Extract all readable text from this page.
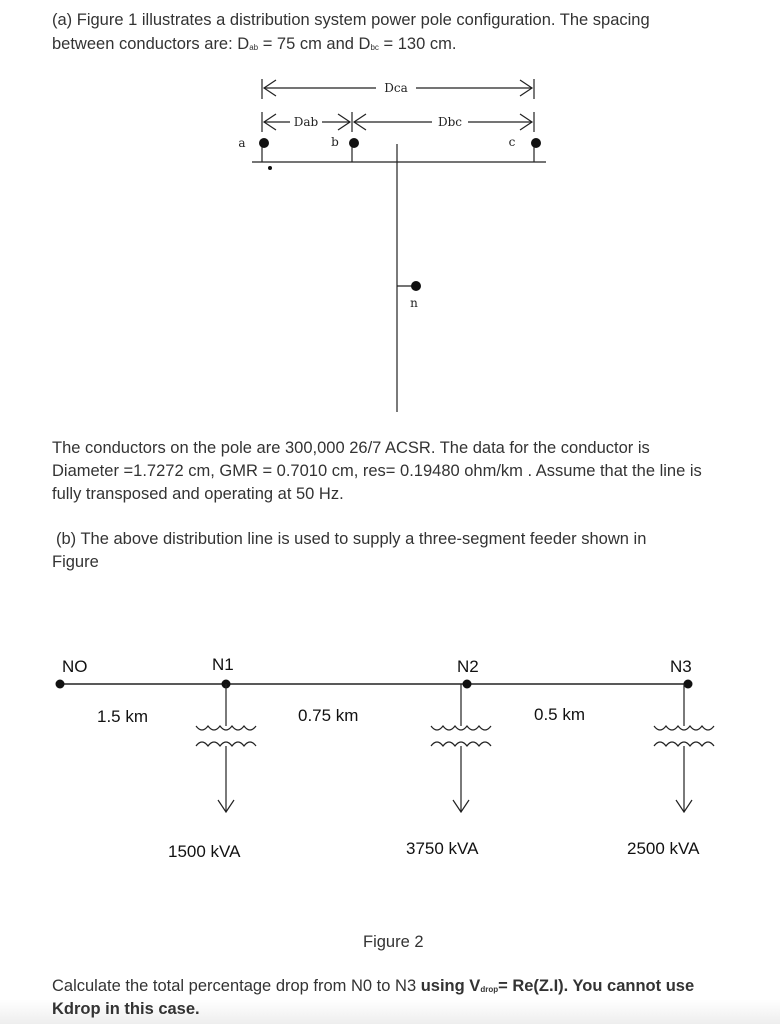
(a) Figure 1 illustrates a distribution system power pole configuration. The spacing

between conductors are: $D_{ab} = 75$ cm and $D_{bc} = 130$ cm.

Dca
Dab	Dbc
a	b	c
n

The conductors on the pole are 300,000 26/7 ACSR. The data for the conductor is

Diameter =1.7272 cm, GMR = 0.7010 cm, res= 0.19480 ohm/km . Assume that the line is

fully transposed and operating at 50 Hz.

(b) The above distribution line is used to supply a three-segment feeder shown in

Figure

NO	N1	N2	N3
1.5 km	0.75 km	0.5 km
1500 kVA	3750 kVA	2500 kVA

Figure 2

Calculate the total percentage drop from N0 to N3 using $V_{drop}= Re(Z.I)$. You cannot use

Kdrop in this case.
